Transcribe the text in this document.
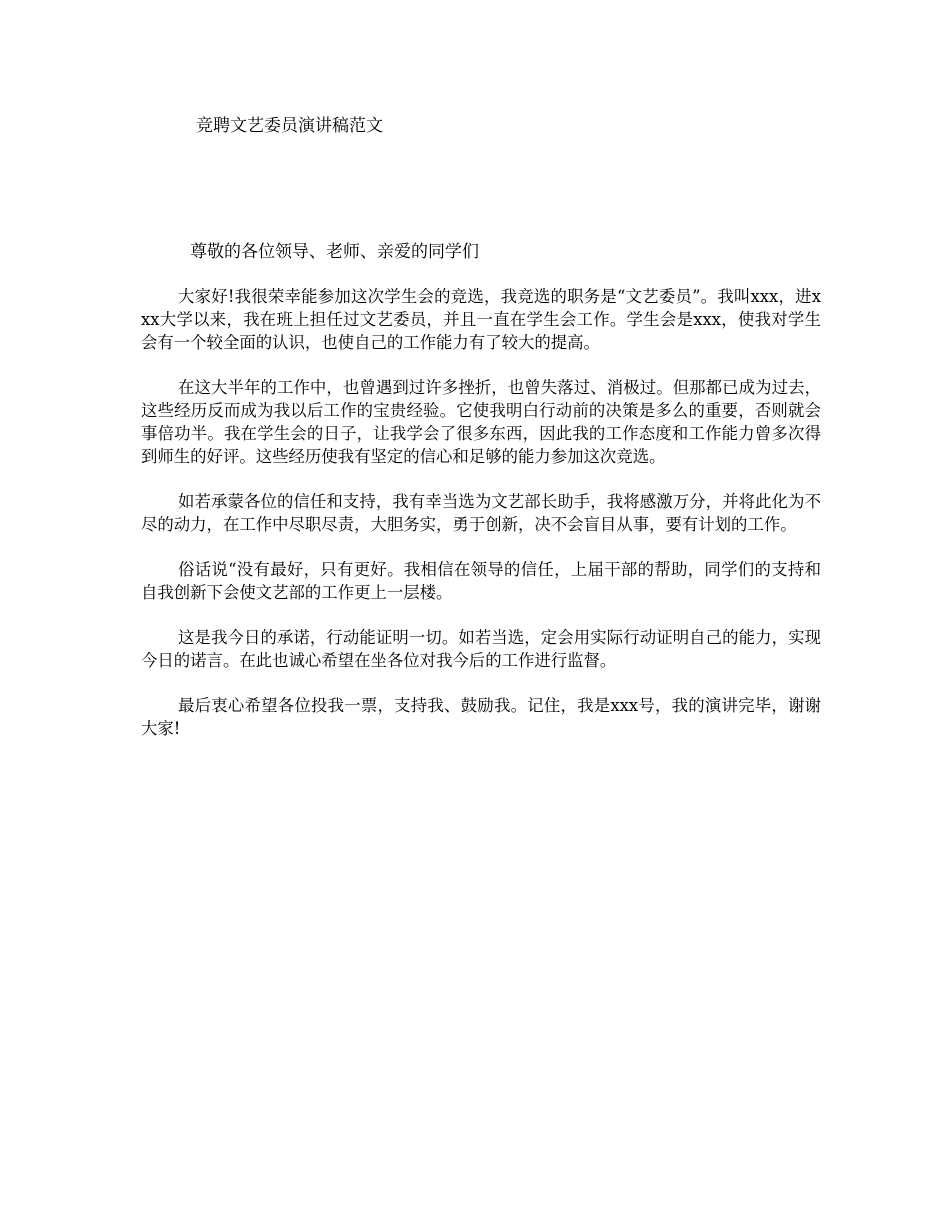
竞聘文艺委员演讲稿范文
尊敬的各位领导、老师、亲爱的同学们

大家好!我很荣幸能参加这次学生会的竞选，我竞选的职务是“文艺委员”。我叫xxx，进xxx大学以来，我在班上担任过文艺委员，并且一直在学生会工作。学生会是xxx，使我对学生会有一个较全面的认识，也使自己的工作能力有了较大的提高。

在这大半年的工作中，也曾遇到过许多挫折，也曾失落过、消极过。但那都已成为过去，这些经历反而成为我以后工作的宝贵经验。它使我明白行动前的决策是多么的重要，否则就会事倍功半。我在学生会的日子，让我学会了很多东西，因此我的工作态度和工作能力曾多次得到师生的好评。这些经历使我有坚定的信心和足够的能力参加这次竞选。

如若承蒙各位的信任和支持，我有幸当选为文艺部长助手，我将感激万分，并将此化为不尽的动力，在工作中尽职尽责，大胆务实，勇于创新，决不会盲目从事，要有计划的工作。

俗话说“没有最好，只有更好。我相信在领导的信任，上届干部的帮助，同学们的支持和自我创新下会使文艺部的工作更上一层楼。

这是我今日的承诺，行动能证明一切。如若当选，定会用实际行动证明自己的能力，实现今日的诺言。在此也诚心希望在坐各位对我今后的工作进行监督。

最后衷心希望各位投我一票，支持我、鼓励我。记住，我是xxx号，我的演讲完毕，谢谢大家!
